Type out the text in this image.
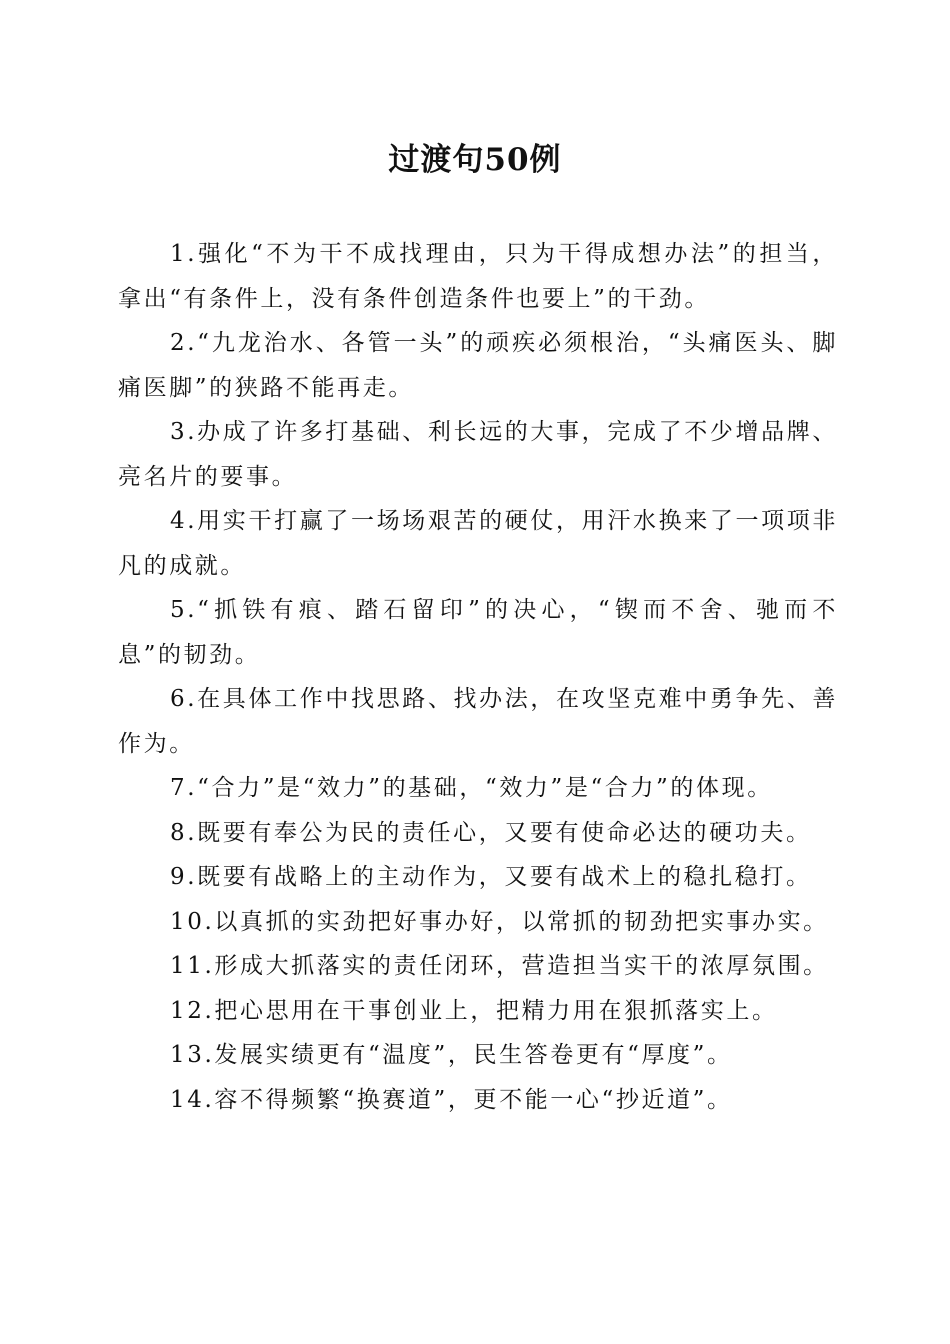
过渡句50例

1.强化“不为干不成找理由，只为干得成想办法”的担当，拿出“有条件上，没有条件创造条件也要上”的干劲。

2.“九龙治水、各管一头”的顽疾必须根治，“头痛医头、脚痛医脚”的狭路不能再走。

3.办成了许多打基础、利长远的大事，完成了不少增品牌、亮名片的要事。

4.用实干打赢了一场场艰苦的硬仗，用汗水换来了一项项非凡的成就。

5.“抓铁有痕、踏石留印”的决心，“锲而不舍、驰而不息”的韧劲。

6.在具体工作中找思路、找办法，在攻坚克难中勇争先、善作为。

7.“合力”是“效力”的基础，“效力”是“合力”的体现。

8.既要有奉公为民的责任心，又要有使命必达的硬功夫。

9.既要有战略上的主动作为，又要有战术上的稳扎稳打。

10.以真抓的实劲把好事办好，以常抓的韧劲把实事办实。

11.形成大抓落实的责任闭环，营造担当实干的浓厚氛围。

12.把心思用在干事创业上，把精力用在狠抓落实上。

13.发展实绩更有“温度”，民生答卷更有“厚度”。

14.容不得频繁“换赛道”，更不能一心“抄近道”。
